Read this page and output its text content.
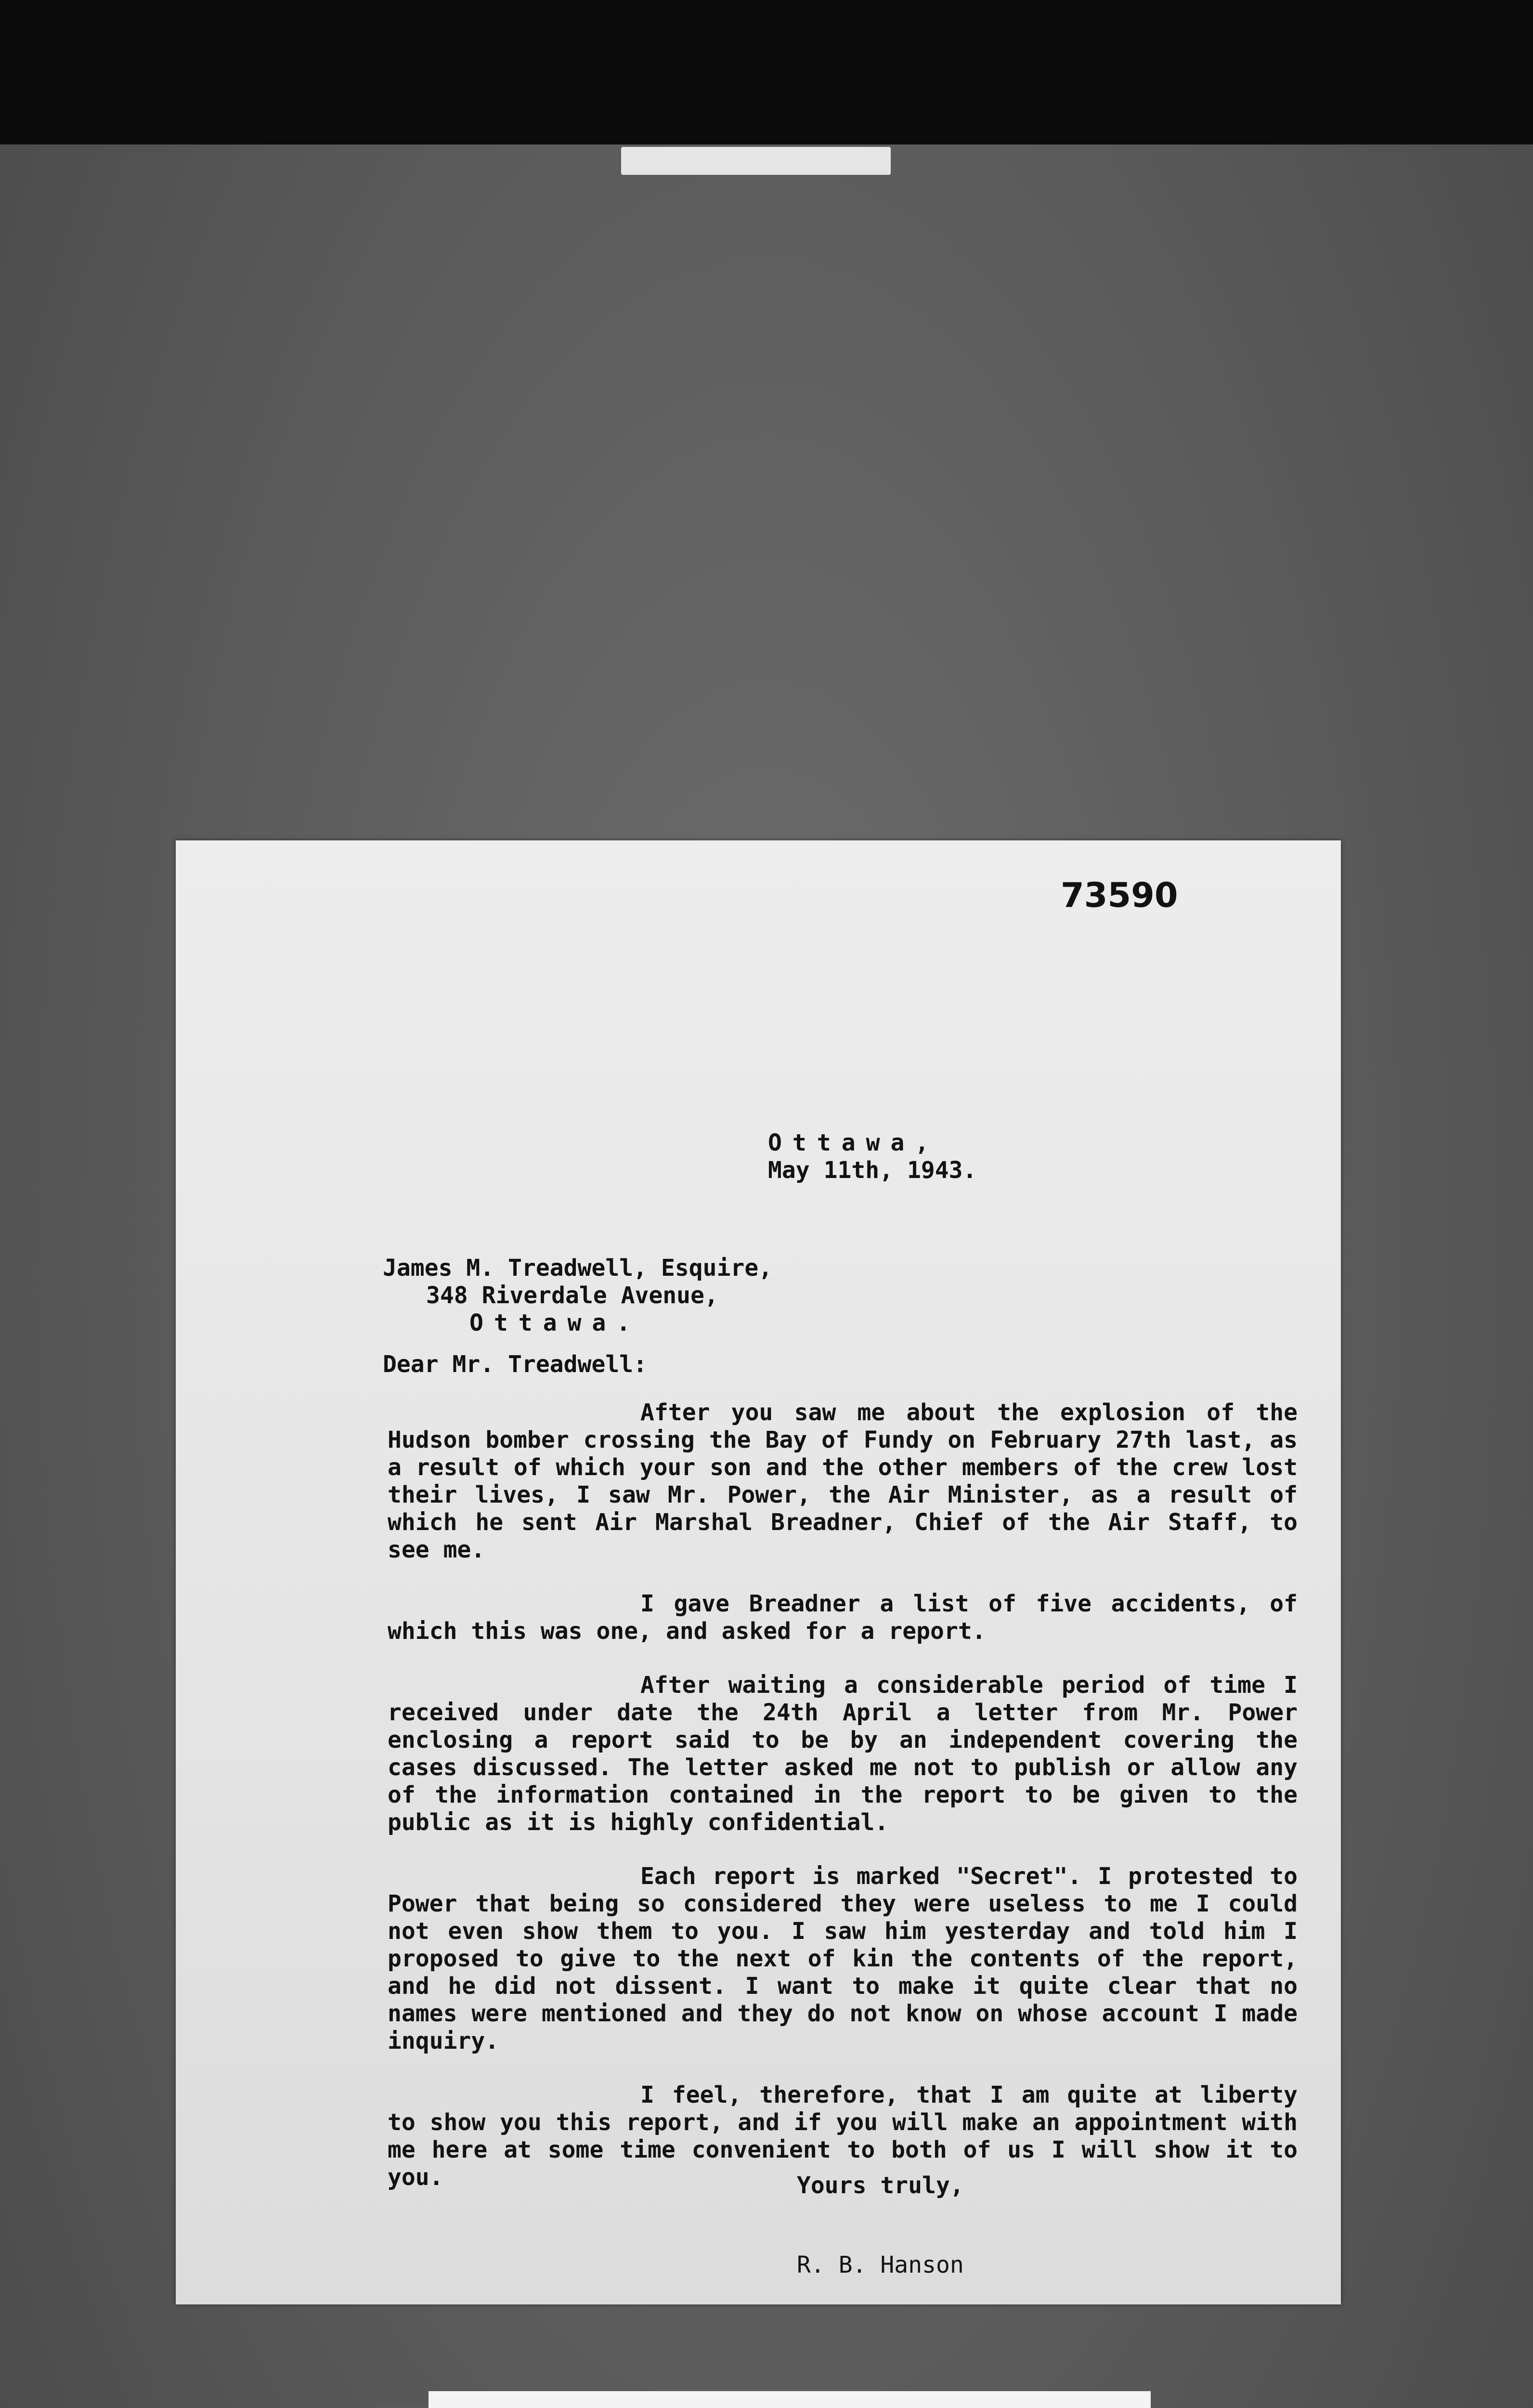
73590
Ottawa,
May 11th, 1943.
James M. Treadwell, Esquire,
348 Riverdale Avenue,
Ottawa.
Dear Mr. Treadwell:

After you saw me about the explosion of the Hudson bomber crossing the Bay of Fundy on February 27th last, as a result of which your son and the other members of the crew lost their lives, I saw Mr. Power, the Air Minister, as a result of which he sent Air Marshal Breadner, Chief of the Air Staff, to see me.

I gave Breadner a list of five accidents, of which this was one, and asked for a report.

After waiting a considerable period of time I received under date the 24th April a letter from Mr. Power enclosing a report said to be by an independent covering the cases discussed. The letter asked me not to publish or allow any of the information contained in the report to be given to the public as it is highly confidential.

Each report is marked "Secret". I protested to Power that being so considered they were useless to me I could not even show them to you. I saw him yesterday and told him I proposed to give to the next of kin the contents of the report, and he did not dissent. I want to make it quite clear that no names were mentioned and they do not know on whose account I made inquiry.

I feel, therefore, that I am quite at liberty to show you this report, and if you will make an appointment with me here at some time convenient to both of us I will show it to you.	Yours truly,
R. B. Hanson
